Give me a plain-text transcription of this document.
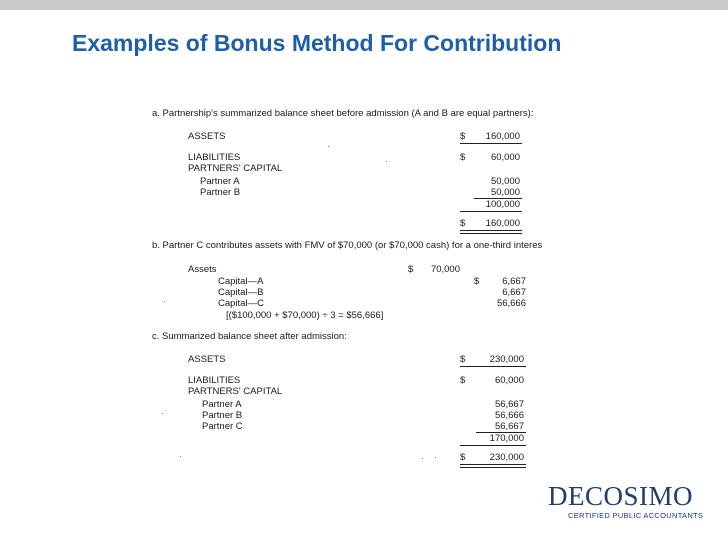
Examples of Bonus Method For Contribution
a. Partnership's summarized balance sheet before admission (A and B are equal partners):
ASSETS	$	160,000
LIABILITIES	$	60,000
PARTNERS' CAPITAL
Partner A	50,000
Partner B	50,000
100,000
$	160,000
b. Partner C contributes assets with FMV of $70,000 (or $70,000 cash) for a one-third interes
Assets	$	70,000
Capital—A	$	6,667
Capital—B	6,667
Capital—C	56,666
[($100,000 + $70,000) ÷ 3 = $56,666]
c. Summarized balance sheet after admission:
ASSETS	$	230,000
LIABILITIES	$	60,000
PARTNERS' CAPITAL
Partner A	56,667
Partner B	56,666
Partner C	56,667
170,000
$	230,000
DECOSIMO
CERTIFIED PUBLIC ACCOUNTANTS
